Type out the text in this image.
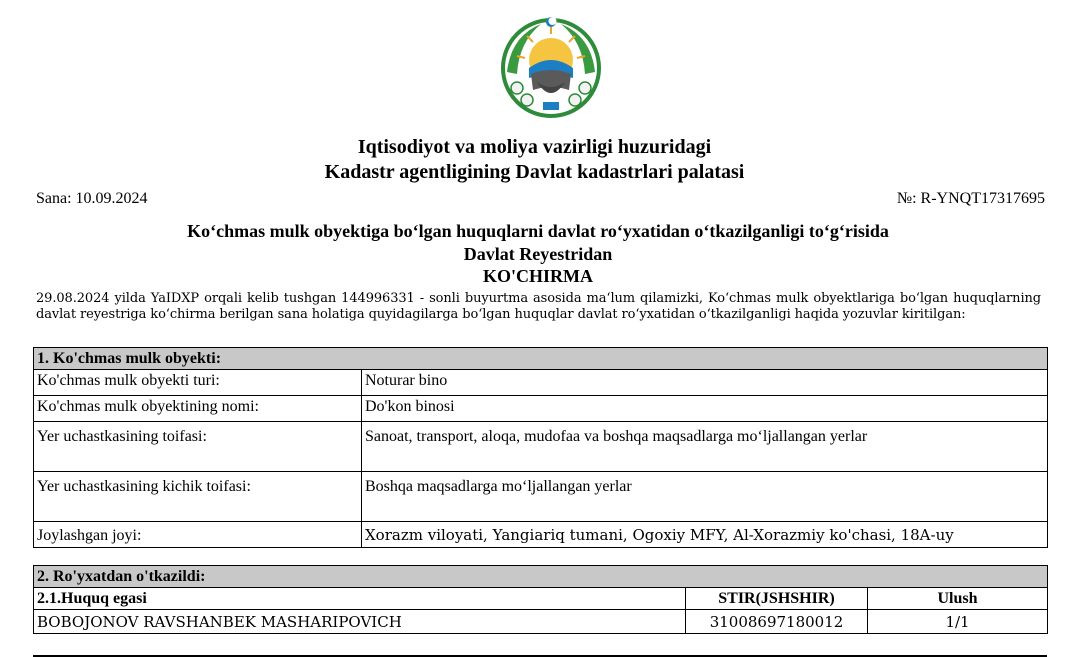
Iqtisodiyot va moliya vazirligi huzuridagi
Kadastr agentligining Davlat kadastrlari palatasi
Sana: 10.09.2024	№: R-YNQT17317695
Koʻchmas mulk obyektiga boʻlgan huquqlarni davlat roʻyxatidan oʻtkazilganligi toʻgʻrisida
Davlat Reyestridan
KO'CHIRMA
29.08.2024 yilda YaIDXP orqali kelib tushgan 144996331 - sonli buyurtma asosida maʻlum qilamizki, Koʻchmas mulk obyektlariga boʻlgan huquqlarning davlat reyestriga koʻchirma berilgan sana holatiga quyidagilarga boʻlgan huquqlar davlat roʻyxatidan oʻtkazilganligi haqida yozuvlar kiritilgan:
1. Ko'chmas mulk obyekti:	
Ko'chmas mulk obyekti turi:	Noturar bino
Ko'chmas mulk obyektining nomi:	Do'kon binosi
Yer uchastkasining toifasi:	Sanoat, transport, aloqa, mudofaa va boshqa maqsadlarga moʻljallangan yerlar
Yer uchastkasining kichik toifasi:	Boshqa maqsadlarga moʻljallangan yerlar
Joylashgan joyi:	Xorazm viloyati, Yangiariq tumani, Ogoxiy MFY, Al-Xorazmiy ko'chasi, 18A-uy
2. Ro'yxatdan o'tkazildi:		
2.1.Huquq egasi	STIR(JSHSHIR)	Ulush
BOBOJONOV RAVSHANBEK MASHARIPOVICH	31008697180012	1/1
